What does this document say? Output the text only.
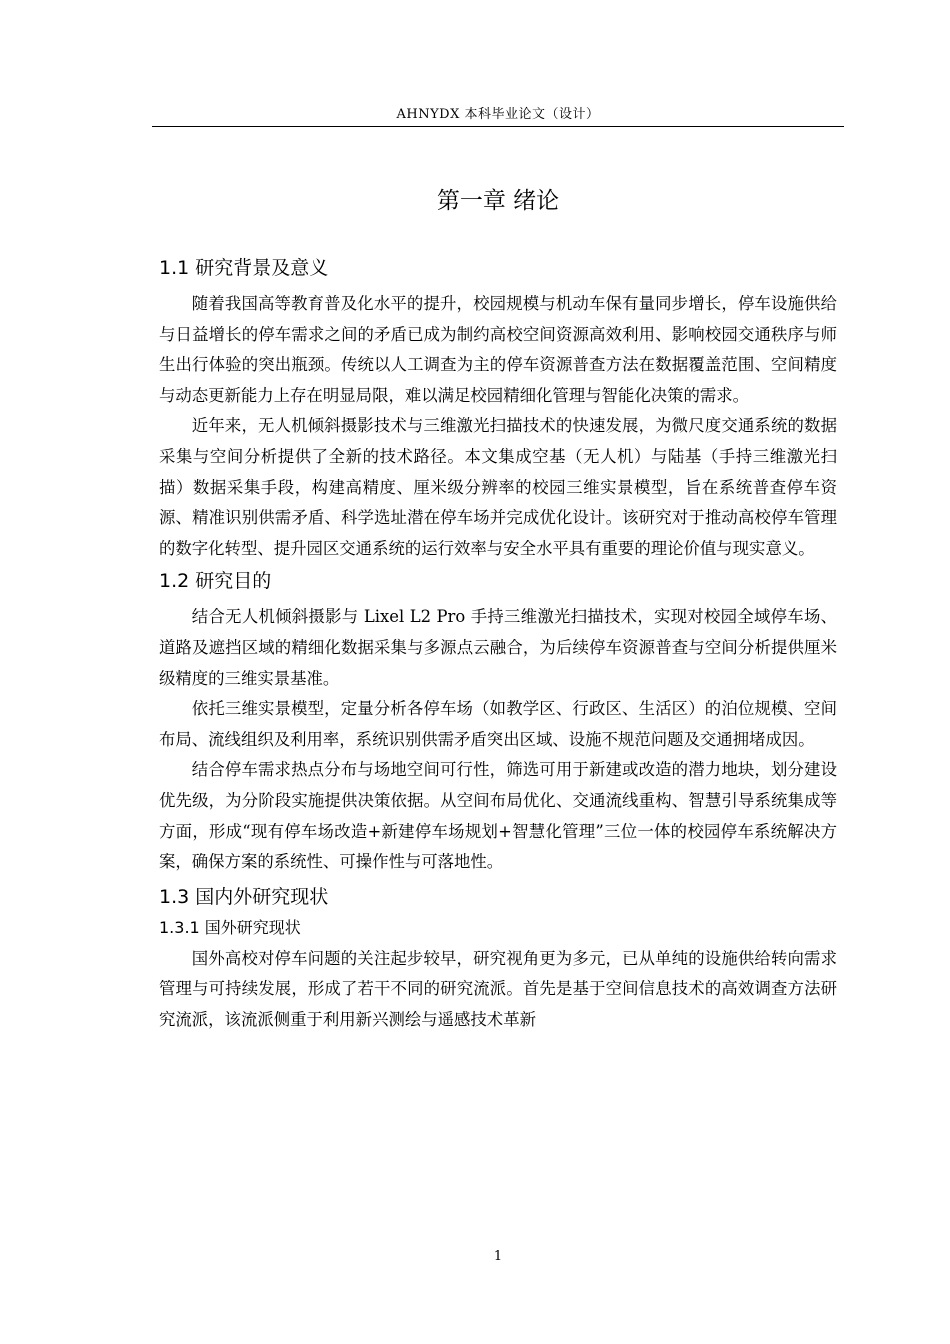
AHNYDX 本科毕业论文（设计）
第一章 绪论
1.1 研究背景及意义

随着我国高等教育普及化水平的提升，校园规模与机动车保有量同步增长，停车设施供给与日益增长的停车需求之间的矛盾已成为制约高校空间资源高效利用、影响校园交通秩序与师生出行体验的突出瓶颈。传统以人工调查为主的停车资源普查方法在数据覆盖范围、空间精度与动态更新能力上存在明显局限，难以满足校园精细化管理与智能化决策的需求。

近年来，无人机倾斜摄影技术与三维激光扫描技术的快速发展，为微尺度交通系统的数据采集与空间分析提供了全新的技术路径。本文集成空基（无人机）与陆基（手持三维激光扫描）数据采集手段，构建高精度、厘米级分辨率的校园三维实景模型，旨在系统普查停车资源、精准识别供需矛盾、科学选址潜在停车场并完成优化设计。该研究对于推动高校停车管理的数字化转型、提升园区交通系统的运行效率与安全水平具有重要的理论价值与现实意义。

1.2 研究目的

结合无人机倾斜摄影与 Lixel L2 Pro 手持三维激光扫描技术，实现对校园全域停车场、道路及遮挡区域的精细化数据采集与多源点云融合，为后续停车资源普查与空间分析提供厘米级精度的三维实景基准。

依托三维实景模型，定量分析各停车场（如教学区、行政区、生活区）的泊位规模、空间布局、流线组织及利用率，系统识别供需矛盾突出区域、设施不规范问题及交通拥堵成因。

结合停车需求热点分布与场地空间可行性，筛选可用于新建或改造的潜力地块，划分建设优先级，为分阶段实施提供决策依据。从空间布局优化、交通流线重构、智慧引导系统集成等方面，形成“现有停车场改造+新建停车场规划+智慧化管理”三位一体的校园停车系统解决方案，确保方案的系统性、可操作性与可落地性。

1.3 国内外研究现状
1.3.1 国外研究现状

国外高校对停车问题的关注起步较早，研究视角更为多元，已从单纯的设施供给转向需求管理与可持续发展，形成了若干不同的研究流派。首先是基于空间信息技术的高效调查方法研究流派，该流派侧重于利用新兴测绘与遥感技术革新

1
